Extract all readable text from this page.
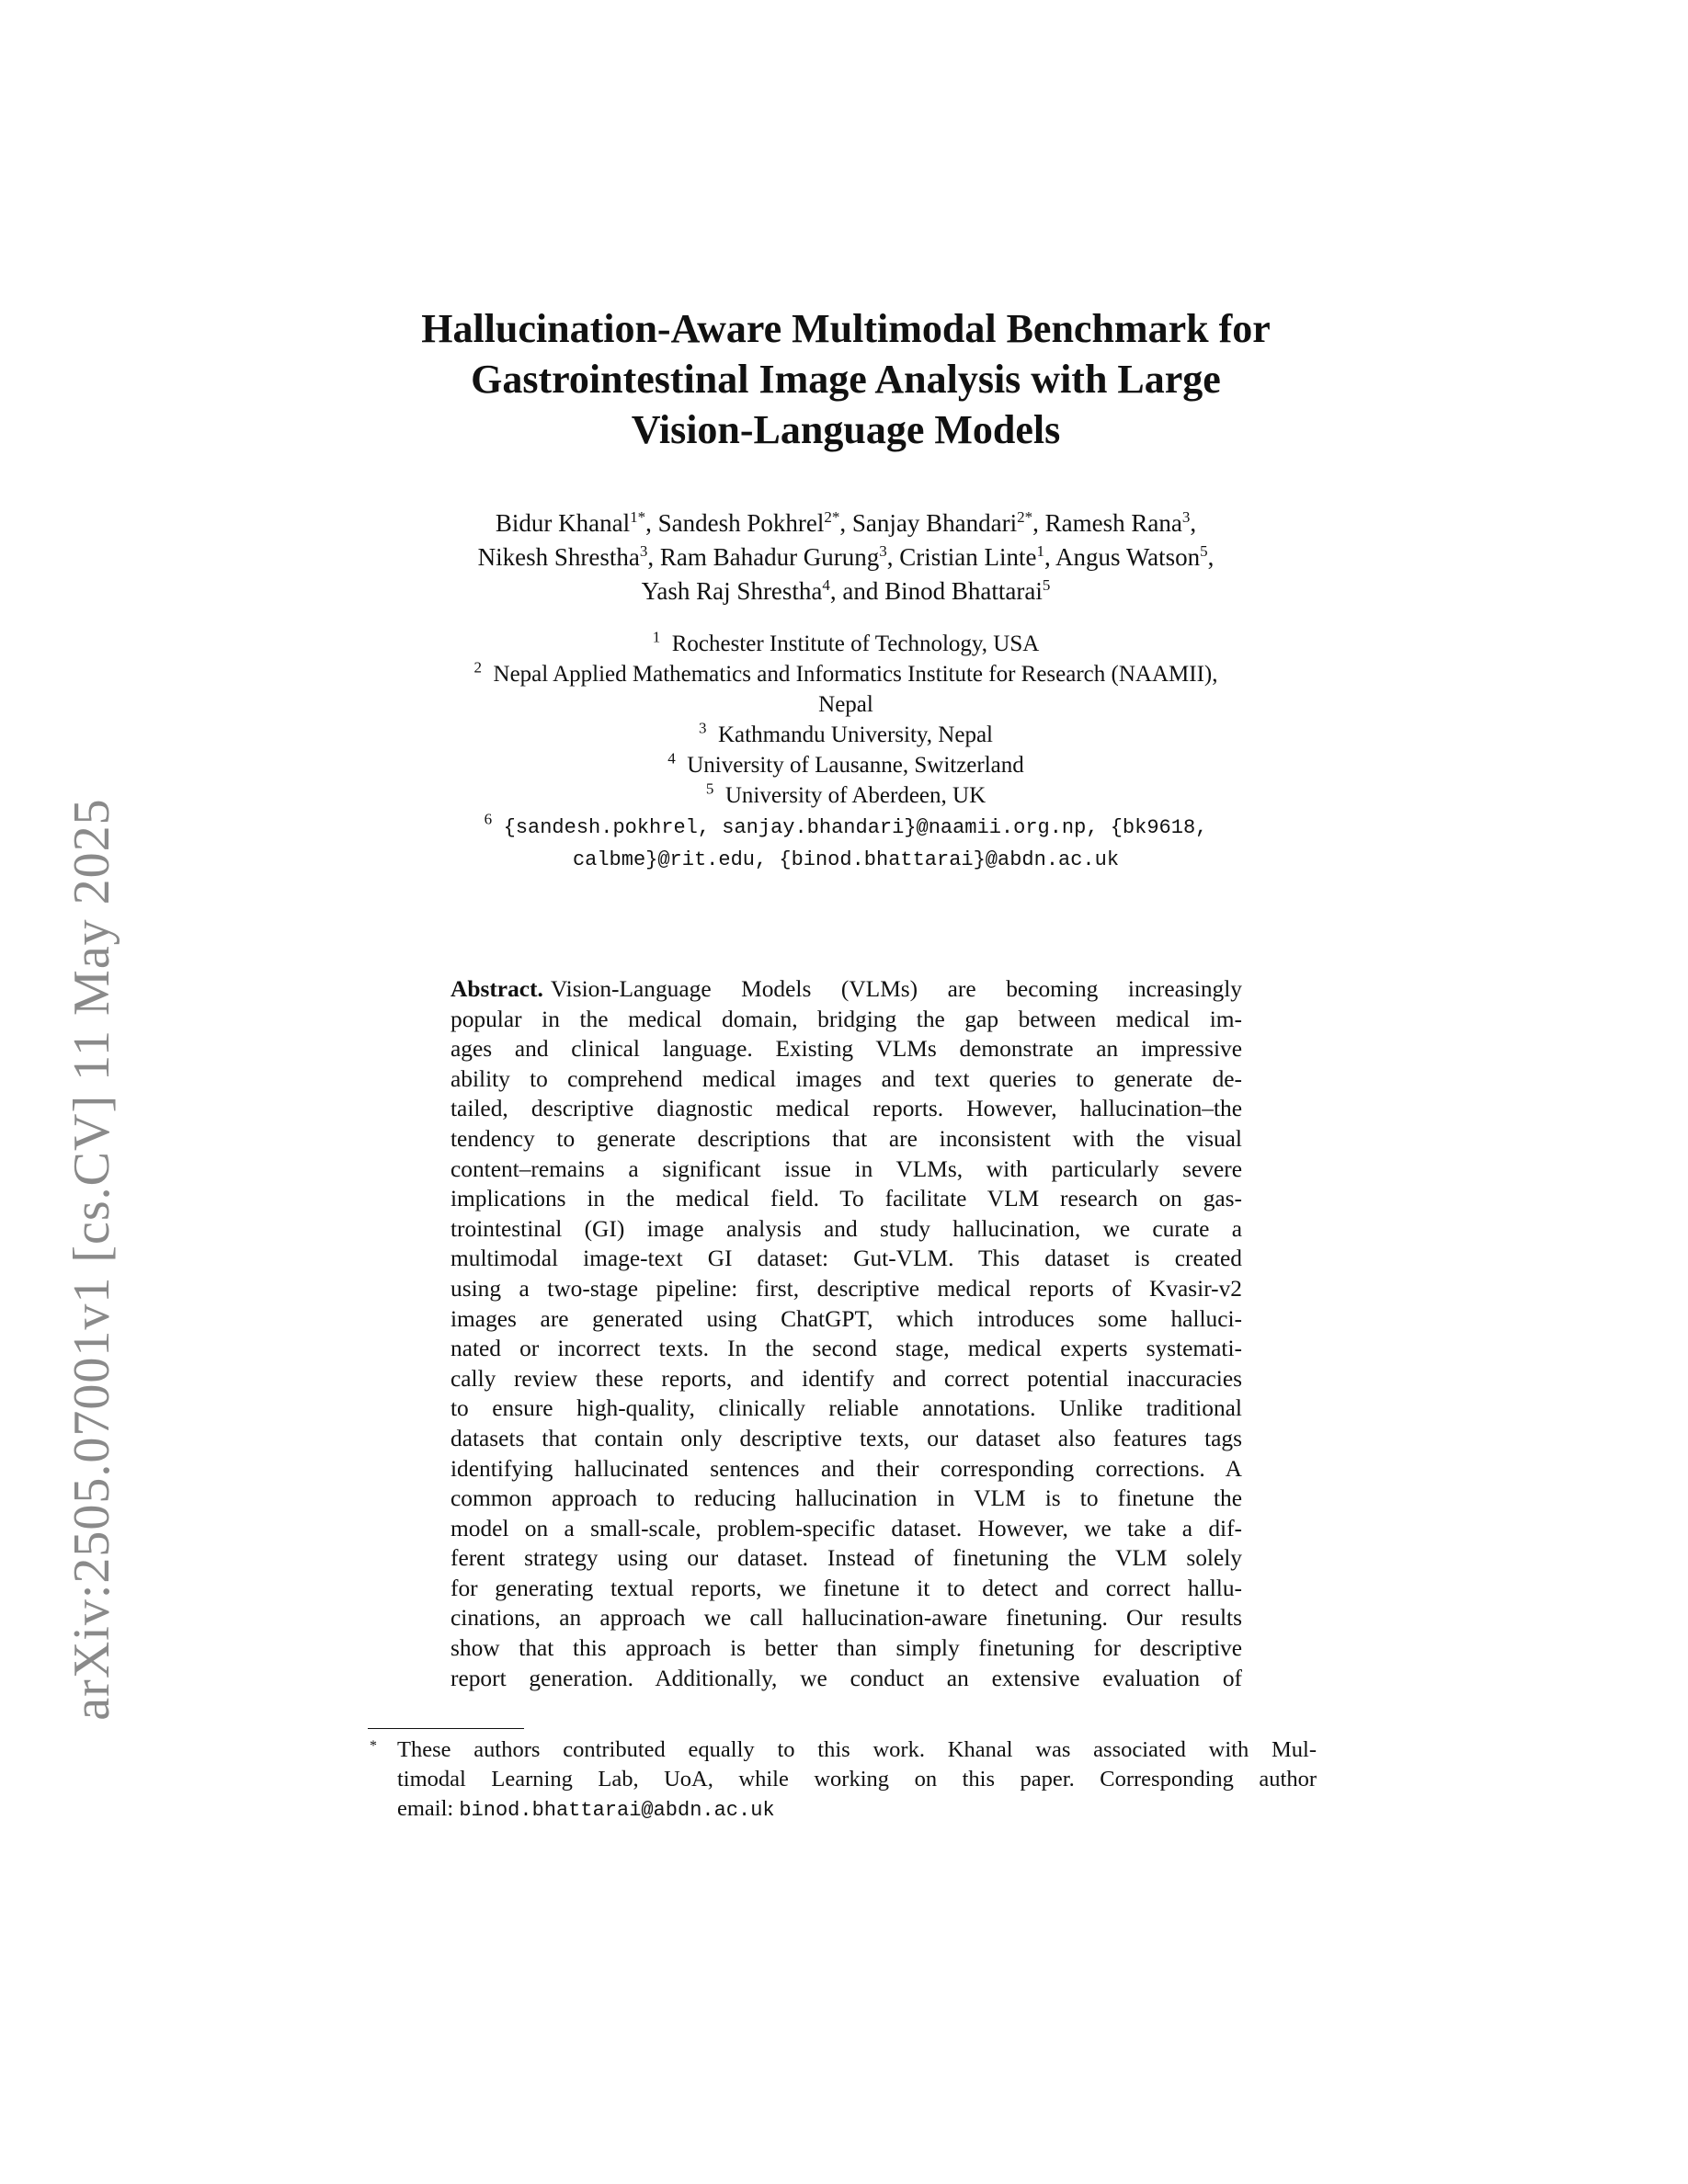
arXiv:2505.07001v1 [cs.CV] 11 May 2025
Hallucination-Aware Multimodal Benchmark for
Gastrointestinal Image Analysis with Large
Vision-Language Models
Bidur Khanal$^{1*}$, Sandesh Pokhrel$^{2*}$, Sanjay Bhandari$^{2*}$, Ramesh Rana$^3$,
Nikesh Shrestha$^3$, Ram Bahadur Gurung$^3$, Cristian Linte$^1$, Angus Watson$^5$,
Yash Raj Shrestha$^4$, and Binod Bhattarai$^5$
$^1$ Rochester Institute of Technology, USA
$^2$ Nepal Applied Mathematics and Informatics Institute for Research (NAAMII),
Nepal
$^3$ Kathmandu University, Nepal
$^4$ University of Lausanne, Switzerland
$^5$ University of Aberdeen, UK
$^6$ {sandesh.pokhrel, sanjay.bhandari}@naamii.org.np, {bk9618,
calbme}@rit.edu, {binod.bhattarai}@abdn.ac.uk
Abstract. Vision-Language Models (VLMs) are becoming increasingly
popular in the medical domain, bridging the gap between medical im-
ages and clinical language. Existing VLMs demonstrate an impressive
ability to comprehend medical images and text queries to generate de-
tailed, descriptive diagnostic medical reports. However, hallucination–the
tendency to generate descriptions that are inconsistent with the visual
content–remains a significant issue in VLMs, with particularly severe
implications in the medical field. To facilitate VLM research on gas-
trointestinal (GI) image analysis and study hallucination, we curate a
multimodal image-text GI dataset: Gut-VLM. This dataset is created
using a two-stage pipeline: first, descriptive medical reports of Kvasir-v2
images are generated using ChatGPT, which introduces some halluci-
nated or incorrect texts. In the second stage, medical experts systemati-
cally review these reports, and identify and correct potential inaccuracies
to ensure high-quality, clinically reliable annotations. Unlike traditional
datasets that contain only descriptive texts, our dataset also features tags
identifying hallucinated sentences and their corresponding corrections. A
common approach to reducing hallucination in VLM is to finetune the
model on a small-scale, problem-specific dataset. However, we take a dif-
ferent strategy using our dataset. Instead of finetuning the VLM solely
for generating textual reports, we finetune it to detect and correct hallu-
cinations, an approach we call hallucination-aware finetuning. Our results
show that this approach is better than simply finetuning for descriptive
report generation. Additionally, we conduct an extensive evaluation of
* These authors contributed equally to this work. Khanal was associated with Mul-
timodal Learning Lab, UoA, while working on this paper. Corresponding author
email: binod.bhattarai@abdn.ac.uk
